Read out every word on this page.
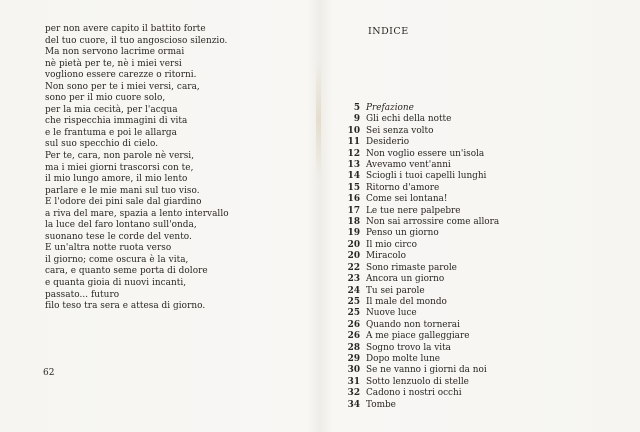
per non avere capito il battito forte
del tuo cuore, il tuo angoscioso silenzio.
Ma non servono lacrime ormai
nè pietà per te, nè i miei versi
vogliono essere carezze o ritorni.
Non sono per te i miei versi, cara,
sono per il mio cuore solo,
per la mia cecità, per l'acqua
che rispecchia immagini di vita
e le frantuma e poi le allarga
sul suo specchio di cielo.
Per te, cara, non parole nè versi,
ma i miei giorni trascorsi con te,
il mio lungo amore, il mio lento
parlare e le mie mani sul tuo viso.
E l'odore dei pini sale dal giardino
a riva del mare, spazia a lento intervallo
la luce del faro lontano sull'onda,
suonano tese le corde del vento.
E un'altra notte ruota verso
il giorno; come oscura è la vita,
cara, e quanto seme porta di dolore
e quanta gioia di nuovi incanti,
passato... futuro
filo teso tra sera e attesa di giorno.
62
INDICE
5 Prefazione
9 Gli echi della notte
10 Sei senza volto
11 Desiderio
12 Non voglio essere un'isola
13 Avevamo vent'anni
14 Sciogli i tuoi capelli lunghi
15 Ritorno d'amore
16 Come sei lontana!
17 Le tue nere palpebre
18 Non sai arrossire come allora
19 Penso un giorno
20 Il mio circo
20 Miracolo
22 Sono rimaste parole
23 Ancora un giorno
24 Tu sei parole
25 Il male del mondo
25 Nuove luce
26 Quando non tornerai
26 A me piace galleggiare
28 Sogno trovo la vita
29 Dopo molte lune
30 Se ne vanno i giorni da noi
31 Sotto lenzuolo di stelle
32 Cadono i nostri occhi
34 Tombe
